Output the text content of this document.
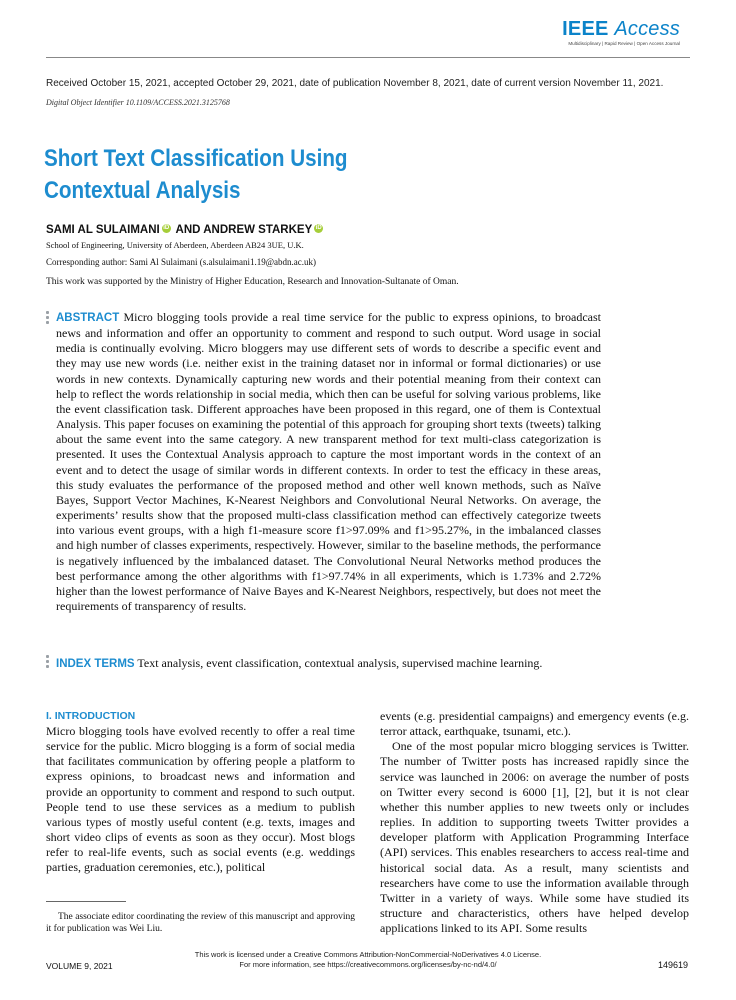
IEEE Access
Multidisciplinary | Rapid Review | Open Access Journal
Received October 15, 2021, accepted October 29, 2021, date of publication November 8, 2021, date of current version November 11, 2021.
Digital Object Identifier 10.1109/ACCESS.2021.3125768
Short Text Classification Using
Contextual Analysis
SAMI AL SULAIMANI iD AND ANDREW STARKEY iD
School of Engineering, University of Aberdeen, Aberdeen AB24 3UE, U.K.
Corresponding author: Sami Al Sulaimani (s.alsulaimani1.19@abdn.ac.uk)
This work was supported by the Ministry of Higher Education, Research and Innovation-Sultanate of Oman.
ABSTRACT Micro blogging tools provide a real time service for the public to express opinions, to broadcast news and information and offer an opportunity to comment and respond to such output. Word usage in social media is continually evolving. Micro bloggers may use different sets of words to describe a specific event and they may use new words (i.e. neither exist in the training dataset nor in informal or formal dictionaries) or use words in new contexts. Dynamically capturing new words and their potential meaning from their context can help to reflect the words relationship in social media, which then can be useful for solving various problems, like the event classification task. Different approaches have been proposed in this regard, one of them is Contextual Analysis. This paper focuses on examining the potential of this approach for grouping short texts (tweets) talking about the same event into the same category. A new transparent method for text multi-class categorization is presented. It uses the Contextual Analysis approach to capture the most important words in the context of an event and to detect the usage of similar words in different contexts. In order to test the efficacy in these areas, this study evaluates the performance of the proposed method and other well known methods, such as Naïve Bayes, Support Vector Machines, K-Nearest Neighbors and Convolutional Neural Networks. On average, the experiments’ results show that the proposed multi-class classification method can effectively categorize tweets into various event groups, with a high f1-measure score f1>97.09% and f1>95.27%, in the imbalanced classes and high number of classes experiments, respectively. However, similar to the baseline methods, the performance is negatively influenced by the imbalanced dataset. The Convolutional Neural Networks method produces the best performance among the other algorithms with f1>97.74% in all experiments, which is 1.73% and 2.72% higher than the lowest performance of Naive Bayes and K-Nearest Neighbors, respectively, but does not meet the requirements of transparency of results.
INDEX TERMS Text analysis, event classification, contextual analysis, supervised machine learning.
I. INTRODUCTION

Micro blogging tools have evolved recently to offer a real time service for the public. Micro blogging is a form of social media that facilitates communication by offering people a platform to express opinions, to broadcast news and information and provide an opportunity to comment and respond to such output. People tend to use these services as a medium to publish various types of mostly useful content (e.g. texts, images and short video clips of events as soon as they occur). Most blogs refer to real-life events, such as social events (e.g. weddings parties, graduation ceremonies, etc.), political

events (e.g. presidential campaigns) and emergency events (e.g. terror attack, earthquake, tsunami, etc.).

One of the most popular micro blogging services is Twitter. The number of Twitter posts has increased rapidly since the service was launched in 2006: on average the number of posts on Twitter every second is 6000 [1], [2], but it is not clear whether this number applies to new tweets only or includes replies. In addition to supporting tweets Twitter provides a developer platform with Application Programming Interface (API) services. This enables researchers to access real-time and historical social data. As a result, many scientists and researchers have come to use the information available through Twitter in a variety of ways. While some have studied its structure and characteristics, others have helped develop applications linked to its API. Some results

The associate editor coordinating the review of this manuscript and approving it for publication was Wei Liu.
This work is licensed under a Creative Commons Attribution-NonCommercial-NoDerivatives 4.0 License.
For more information, see https://creativecommons.org/licenses/by-nc-nd/4.0/
VOLUME 9, 2021	149619
